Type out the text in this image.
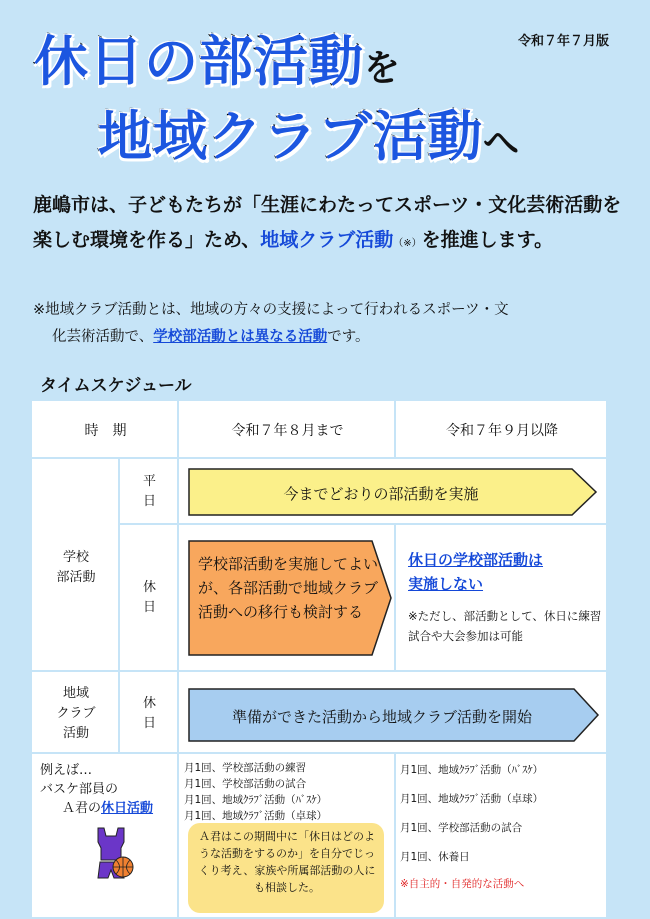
令和７年７月版
休日の部活動を
地域クラブ活動へ
鹿嶋市は、子どもたちが「生涯にわたってスポーツ・文化芸術活動を楽しむ環境を作る」ため、地域クラブ活動（※）を推進します。
※地域クラブ活動とは、地域の方々の支援によって行われるスポーツ・文
化芸術活動で、学校部活動とは異なる活動です。
タイムスケジュール
時　期	令和７年８月まで	令和７年９月以降
学校
部活動
平
日
休
日
地域
クラブ
活動
休
日
今までどおりの部活動を実施
学校部活動を実施してよいが、各部活動で地域クラブ活動への移行も検討する
休日の学校部活動は
実施しない
※ただし、部活動として、休日に練習試合や大会参加は可能
準備ができた活動から地域クラブ活動を開始
例えば…
バスケ部員の
Ａ君の休日活動
月1回、学校部活動の練習
月1回、学校部活動の試合
月1回、地域ｸﾗﾌﾞ活動（ﾊﾞｽｹ）
月1回、地域ｸﾗﾌﾞ活動（卓球）
Ａ君はこの期間中に「休日はどのような活動をするのか」を自分でじっくり考え、家族や所属部活動の人にも相談した。
月1回、地域ｸﾗﾌﾞ活動（ﾊﾞｽｹ）
月1回、地域ｸﾗﾌﾞ活動（卓球）
月1回、学校部活動の試合
月1回、休養日
※自主的・自発的な活動へ
